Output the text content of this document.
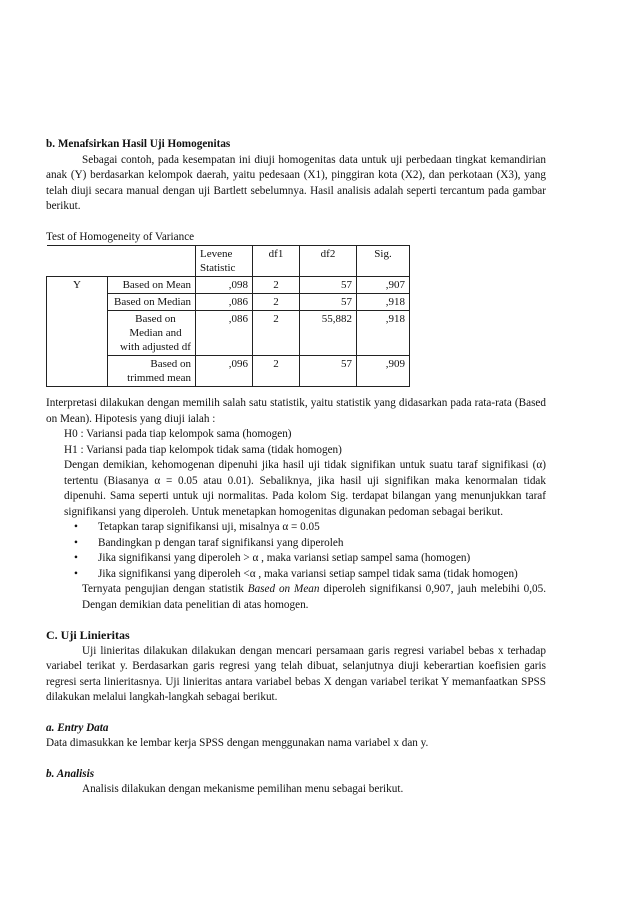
b. Menafsirkan Hasil Uji Homogenitas

Sebagai contoh, pada kesempatan ini diuji homogenitas data untuk uji perbedaan tingkat kemandirian anak (Y) berdasarkan kelompok daerah, yaitu pedesaan (X1), pinggiran kota (X2), dan perkotaan (X3), yang telah diuji secara manual dengan uji Bartlett sebelumnya. Hasil analisis adalah seperti tercantum pada gambar berikut.

Test of Homogeneity of Variance

		Levene Statistic	df1	df2	Sig.
Y	Based on Mean	,098	2	57	,907
	Based on Median	,086	2	57	,918
	Based on Median and with adjusted df	,086	2	55,882	,918
	Based on trimmed mean	,096	2	57	,909

Interpretasi dilakukan dengan memilih salah satu statistik, yaitu statistik yang didasarkan pada rata-rata (Based on Mean). Hipotesis yang diuji ialah :

H0 : Variansi pada tiap kelompok sama (homogen)

H1 : Variansi pada tiap kelompok tidak sama (tidak homogen)

Dengan demikian, kehomogenan dipenuhi jika hasil uji tidak signifikan untuk suatu taraf signifikasi (α) tertentu (Biasanya α = 0.05 atau 0.01). Sebaliknya, jika hasil uji signifikan maka kenormalan tidak dipenuhi. Sama seperti untuk uji normalitas. Pada kolom Sig. terdapat bilangan yang menunjukkan taraf signifikansi yang diperoleh. Untuk menetapkan homogenitas digunakan pedoman sebagai berikut.

• Tetapkan tarap signifikansi uji, misalnya α = 0.05
• Bandingkan p dengan taraf signifikansi yang diperoleh
• Jika signifikansi yang diperoleh > α , maka variansi setiap sampel sama (homogen)
• Jika signifikansi yang diperoleh <α , maka variansi setiap sampel tidak sama (tidak homogen)

Ternyata pengujian dengan statistik Based on Mean diperoleh signifikansi 0,907, jauh melebihi 0,05. Dengan demikian data penelitian di atas homogen.

C. Uji Linieritas

Uji linieritas dilakukan dilakukan dengan mencari persamaan garis regresi variabel bebas x terhadap variabel terikat y. Berdasarkan garis regresi yang telah dibuat, selanjutnya diuji keberartian koefisien garis regresi serta linieritasnya. Uji linieritas antara variabel bebas X dengan variabel terikat Y memanfaatkan SPSS dilakukan melalui langkah-langkah sebagai berikut.

a. Entry Data

Data dimasukkan ke lembar kerja SPSS dengan menggunakan nama variabel x dan y.

b. Analisis

Analisis dilakukan dengan mekanisme pemilihan menu sebagai berikut.
